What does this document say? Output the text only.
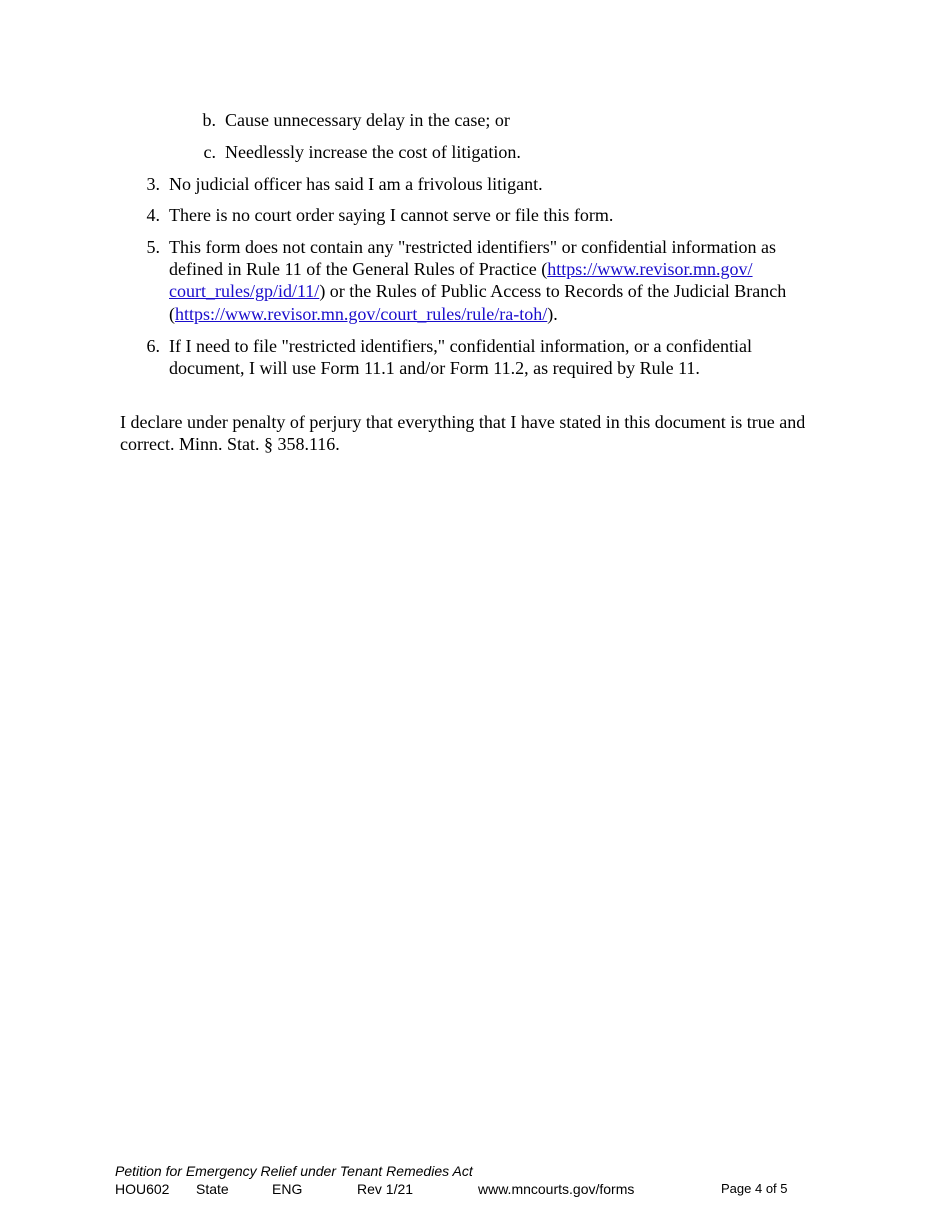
b. Cause unnecessary delay in the case; or
c. Needlessly increase the cost of litigation.
3. No judicial officer has said I am a frivolous litigant.
4. There is no court order saying I cannot serve or file this form.
5. This form does not contain any "restricted identifiers" or confidential information as
defined in Rule 11 of the General Rules of Practice (https://www.revisor.mn.gov/
court_rules/gp/id/11/) or the Rules of Public Access to Records of the Judicial Branch
(https://www.revisor.mn.gov/court_rules/rule/ra-toh/).
6. If I need to file "restricted identifiers," confidential information, or a confidential
document, I will use Form 11.1 and/or Form 11.2, as required by Rule 11.
I declare under penalty of perjury that everything that I have stated in this document is true and
correct. Minn. Stat. § 358.116.
Petition for Emergency Relief under Tenant Remedies Act
HOU602 State	ENG	Rev 1/21	www.mncourts.gov/forms	Page 4 of 5
